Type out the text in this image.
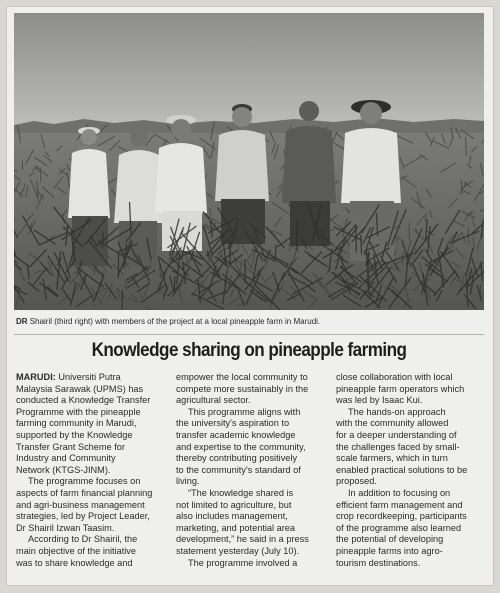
DR Shairil (third right) with members of the project at a local pineapple farm in Marudi.
Knowledge sharing on pineapple farming
MARUDI: Universiti Putra
Malaysia Sarawak (UPMS) has
conducted a Knowledge Transfer
Programme with the pineapple
farming community in Marudi,
supported by the Knowledge
Transfer Grant Scheme for
Industry and Community
Network (KTGS-JINM).
The programme focuses on
aspects of farm financial planning
and agri-business management
strategies, led by Project Leader,
Dr Shairil Izwan Taasim.
According to Dr Shairil, the
main objective of the initiative
was to share knowledge and
empower the local community to
compete more sustainably in the
agricultural sector.
This programme aligns with
the university's aspiration to
transfer academic knowledge
and expertise to the community,
thereby contributing positively
to the community's standard of
living.
“The knowledge shared is
not limited to agriculture, but
also includes management,
marketing, and potential area
development,” he said in a press
statement yesterday (July 10).
The programme involved a
close collaboration with local
pineapple farm operators which
was led by Isaac Kui.
The hands-on approach
with the community allowed
for a deeper understanding of
the challenges faced by small-
scale farmers, which in turn
enabled practical solutions to be
proposed.
In addition to focusing on
efficient farm management and
crop recordkeeping, participants
of the programme also learned
the potential of developing
pineapple farms into agro-
tourism destinations.
